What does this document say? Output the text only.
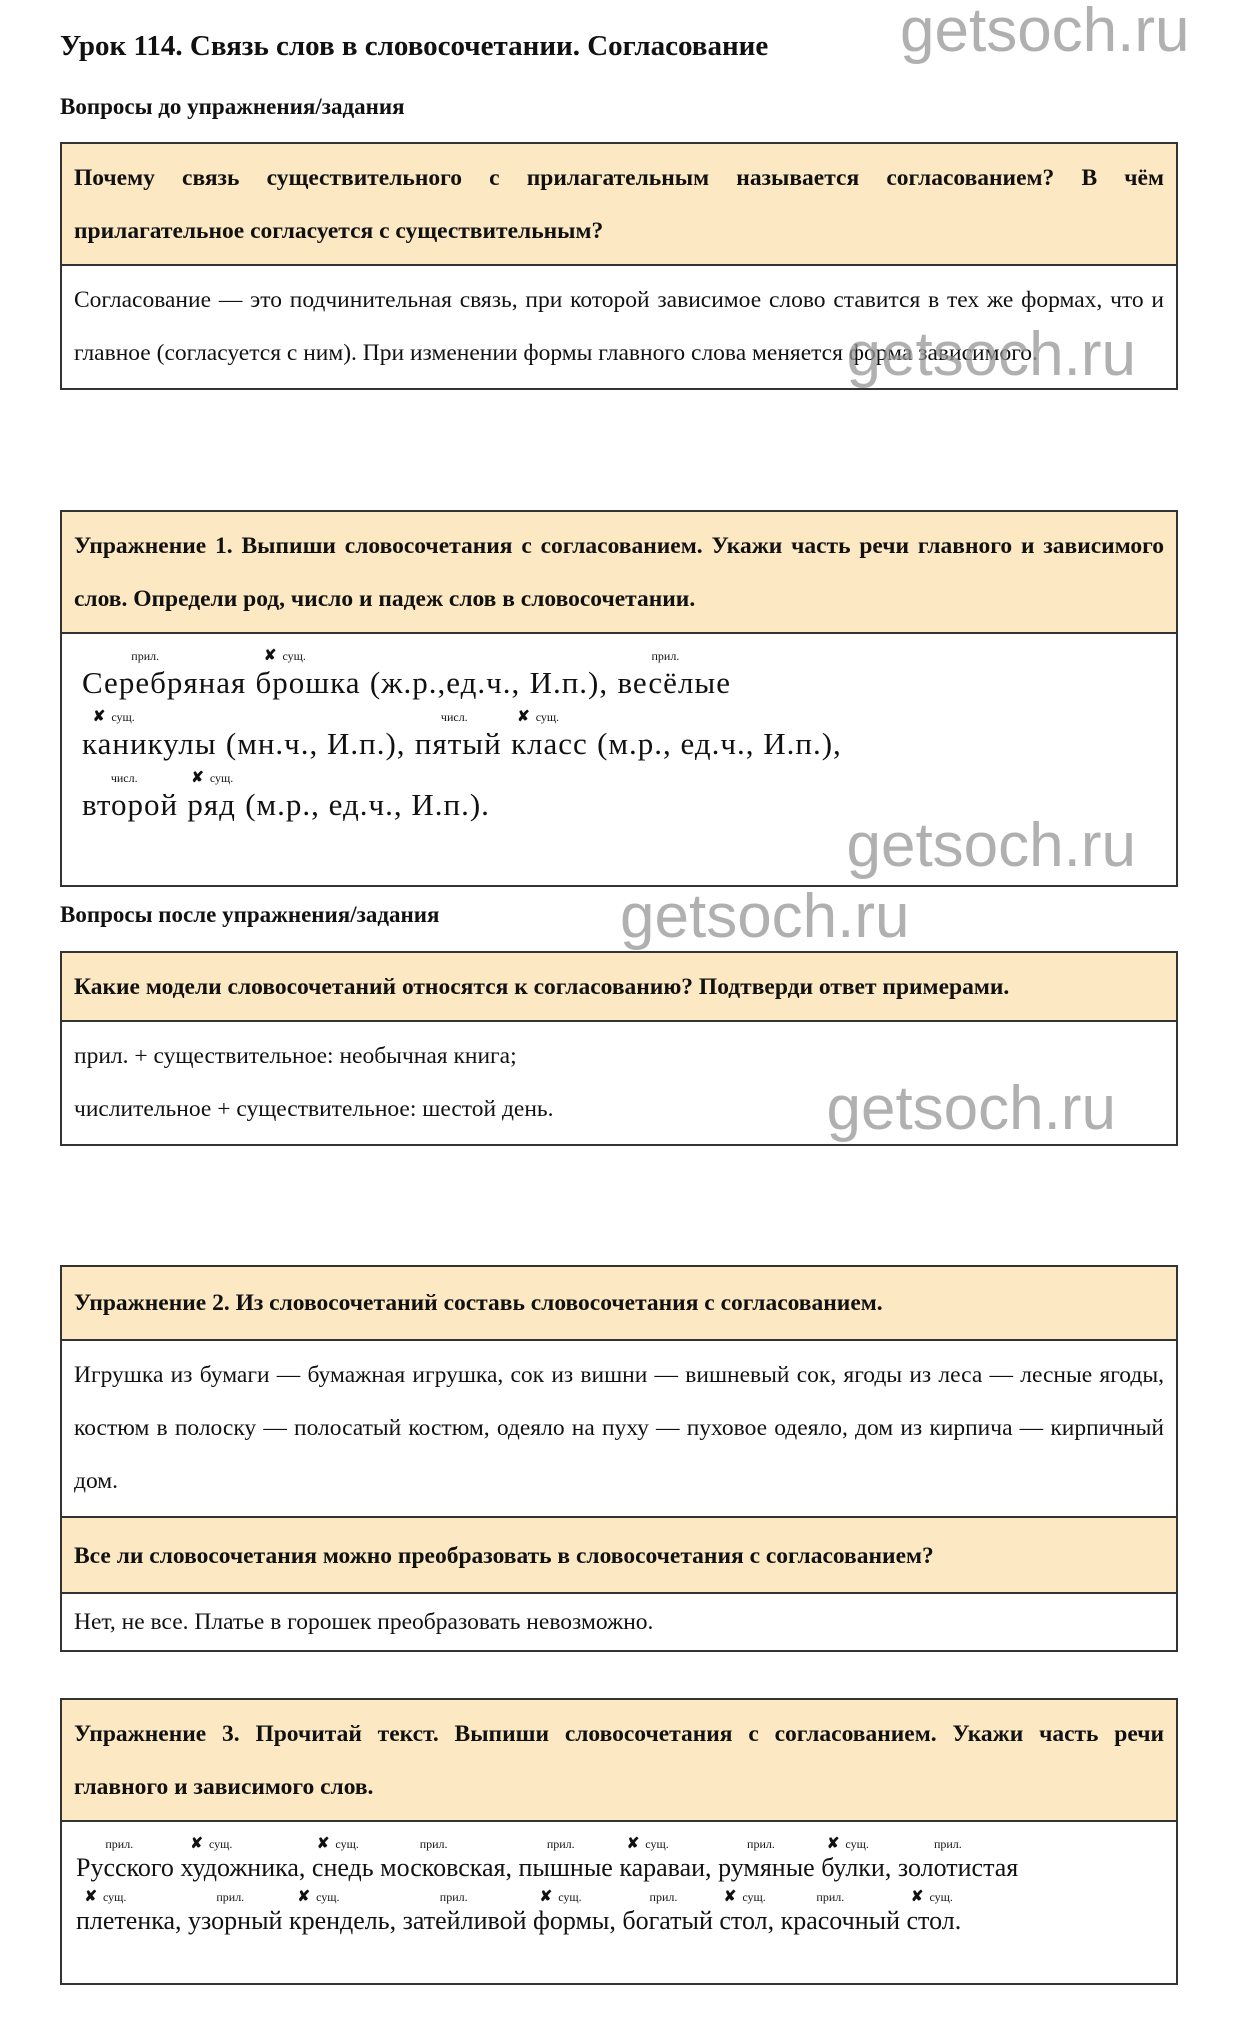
getsoch.ru
Урок 114. Связь слов в словосочетании. Согласование
Вопросы до упражнения/задания
Почему связь существительного с прилагательным называется согласованием? В чём прилагательное согласуется с существительным?
Согласование — это подчинительная связь, при которой зависимое слово ставится в тех же формах, что и главное (согласуется с ним). При изменении формы главного слова меняется форма зависимого.
getsoch.ru
Упражнение 1. Выпиши словосочетания с согласованием. Укажи часть речи главного и зависимого слов. Определи род, число и падеж слов в словосочетании.
прил.
Серебряная
✘ сущ.
брошка (ж.р.,ед.ч., И.п.),
прил.
весёлые
✘ сущ.
каникулы (мн.ч., И.п.),
числ.
пятый
✘ сущ.
класс (м.р., ед.ч., И.п.),
числ.
второй
✘ сущ.
ряд (м.р., ед.ч., И.п.).
getsoch.ru
Вопросы после упражнения/задания	getsoch.ru
Какие модели словосочетаний относятся к согласованию? Подтверди ответ примерами.
прил. + существительное: необычная книга;
числительное + существительное: шестой день.	getsoch.ru
Упражнение 2. Из словосочетаний составь словосочетания с согласованием.
Игрушка из бумаги — бумажная игрушка, сок из вишни — вишневый сок, ягоды из леса — лесные ягоды, костюм в полоску — полосатый костюм, одеяло на пуху — пуховое одеяло, дом из кирпича — кирпичный дом.
Все ли словосочетания можно преобразовать в словосочетания с согласованием?
Нет, не все. Платье в горошек преобразовать невозможно.
Упражнение 3. Прочитай текст. Выпиши словосочетания с согласованием. Укажи часть речи главного и зависимого слов.
прил.
Русского
✘ сущ.
художника,
✘ сущ.
снедь
прил.
московская,
прил.
пышные
✘ сущ.
караваи,
прил.
румяные
✘ сущ.
булки,
прил.
золотистая
✘ сущ.
плетенка,
прил.
узорный
✘ сущ.
крендель,
прил.
затейливой
✘ сущ.
формы,
прил.
богатый
✘ сущ.
стол,
прил.
красочный
✘ сущ.
стол.
